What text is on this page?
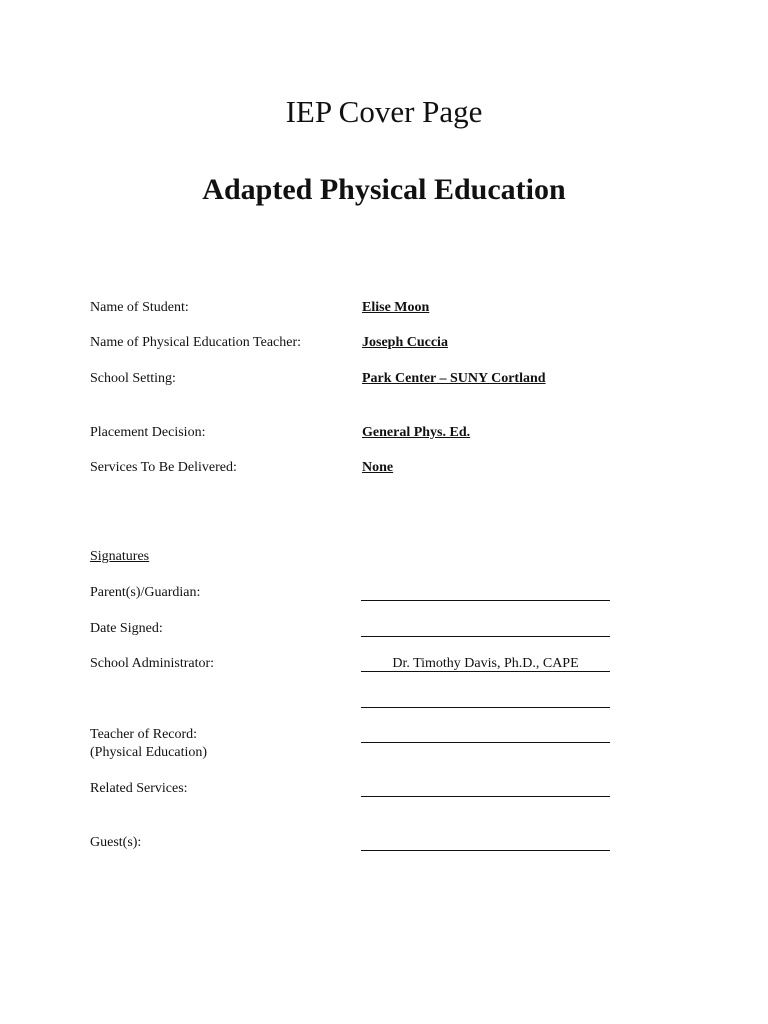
IEP Cover Page
Adapted Physical Education
Name of Student:	Elise Moon
Name of Physical Education Teacher:	Joseph Cuccia
School Setting:	Park Center – SUNY Cortland
Placement Decision:	General Phys. Ed.
Services To Be Delivered:	None
Signatures
Parent(s)/Guardian:
Date Signed:
School Administrator:	Dr. Timothy Davis, Ph.D., CAPE
Teacher of Record:
(Physical Education)
Related Services:
Guest(s):
